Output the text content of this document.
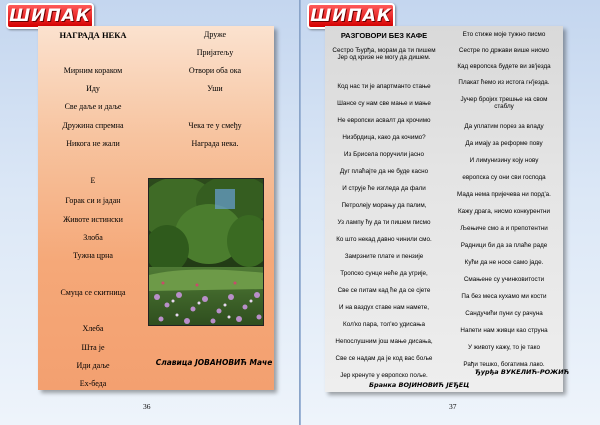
ШИПАК
НАГРАДА НЕКА
Мирним кораком
Иду
Све даље и даље
Дружина спремна
Никога не жали
Е
Горак си и јадан
Животе истински
Злоба
Тужна црна
Смуца се скитница
Хлеба
Шта је
Иди даље
Ех-беда
Друже
Пријатељу
Отвори оба ока
Уши
Чека те у смеђу
Награда нека.
Славица ЈОВАНОВИЋ Маче
36
ШИПАК
РАЗГОВОРИ БЕЗ КАФЕ
Сестро Ђурђа, морам да ти пишем Јер од кризе не могу да дишем.
Код нас ти је апартманто стање
Шансе су нам све мање и мање
Не европски асвалт да крочимо
Низбрдица, како да кочимо?
Из Брисела поручили јасно
Дуг плаћајте да не буде касно
И струје ће изгледа да фали
Петролеју морању да палим,
Уз лампу ћу да ти пишем писмо
Ко што некад давно чинили смо.
Замрзните плате и пензије
Тропско сунце неће да угрије,
Све се питам кад ће да се сјете
И на ваздух ставе нам намете,
Кол'ко пара, тол'ко удисања
Непослушним још мање дисања,
Све се надам да је код вас боље
Јер кренуте у европско поље.
Ето стиже моје тужно писмо
Сестре по држави више нисмо
Кад европска будете ви зв'језда
Плакат ћемо из истога гн'језда.
Јучер бројих трешње на свом стаблу
Да уплатим порез за владу
Да имају за реформе пову
И лимунизину коју нову
европска су они сви господа
Мада нема пријечева ни порд'а.
Кажу драга, нисмо конкурентни
Љењиче смо а и препотентни
Радници би да за плаће раде
Кући да не носе само јаде.
Смањене су учинковитости
Па без меса кухамо ми кости
Сандучићи пуни су рачуна
Напети нам живци као струна
У животу кажу, то је тако
Рађи тешко, богатима лако.
Ђурђа ВУКЕЛИЋ-РОЖИЋ
Бранка ВОЈИНОВИЋ ЈЕЂЕЦ
37
